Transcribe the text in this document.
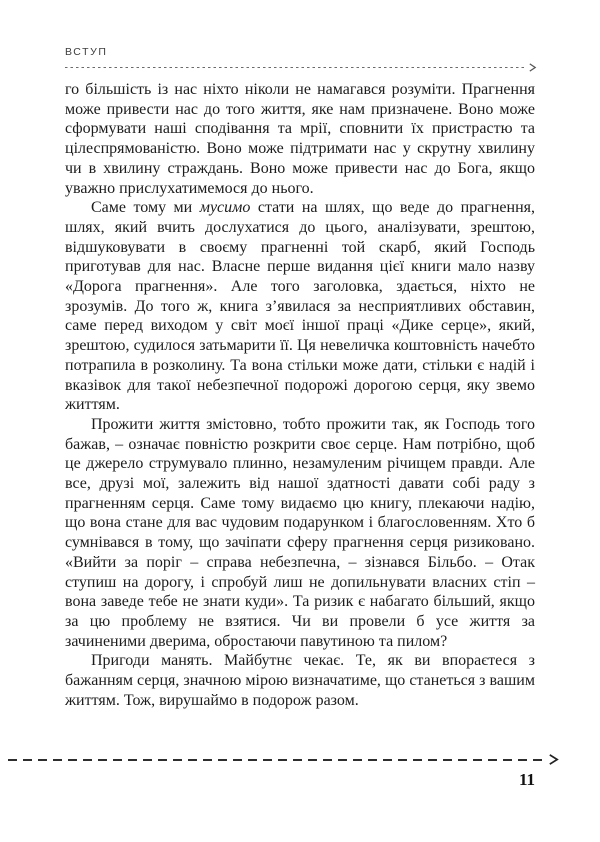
ВСТУП

го більшість із нас ніхто ніколи не намагався розуміти. Прагнення може привести нас до того життя, яке нам призначене. Воно може сформувати наші сподівання та мрії, сповнити їх пристрастю та цілеспрямованістю. Воно може підтримати нас у скрутну хвилину чи в хвилину страждань. Воно може привести нас до Бога, якщо уважно прислухатимемося до нього.

Саме тому ми мусимо стати на шлях, що веде до прагнення, шлях, який вчить дослухатися до цього, аналізувати, зрештою, відшуковувати в своєму прагненні той скарб, який Господь приготував для нас. Власне перше видання цієї книги мало назву «Дорога прагнення». Але того заголовка, здається, ніхто не зрозумів. До того ж, книга з’явилася за несприятливих обставин, саме перед виходом у світ моєї іншої праці «Дике серце», який, зрештою, судилося затьмарити її. Ця невеличка коштовність начебто потрапила в розколину. Та вона стільки може дати, стільки є надій і вказівок для такої небезпечної подорожі дорогою серця, яку звемо життям.

Прожити життя змістовно, тобто прожити так, як Господь того бажав, – означає повністю розкрити своє серце. Нам потрібно, щоб це джерело струмувало плинно, незамуленим річищем правди. Але все, друзі мої, залежить від нашої здатності давати собі раду з прагненням серця. Саме тому видаємо цю книгу, плекаючи надію, що вона стане для вас чудовим подарунком і благословенням. Хто б сумнівався в тому, що зачіпати сферу прагнення серця ризиковано. «Вийти за поріг – справа небезпечна, – зізнався Більбо. – Отак ступиш на дорогу, і спробуй лиш не допильнувати власних стіп – вона заведе тебе не знати куди». Та ризик є набагато більший, якщо за цю проблему не взятися. Чи ви провели б усе життя за зачиненими дверима, обростаючи павутиною та пилом?

Пригоди манять. Майбутнє чекає. Те, як ви впораєтеся з бажанням серця, значною мірою визначатиме, що станеться з вашим життям. Тож, вирушаймо в подорож разом.

11
